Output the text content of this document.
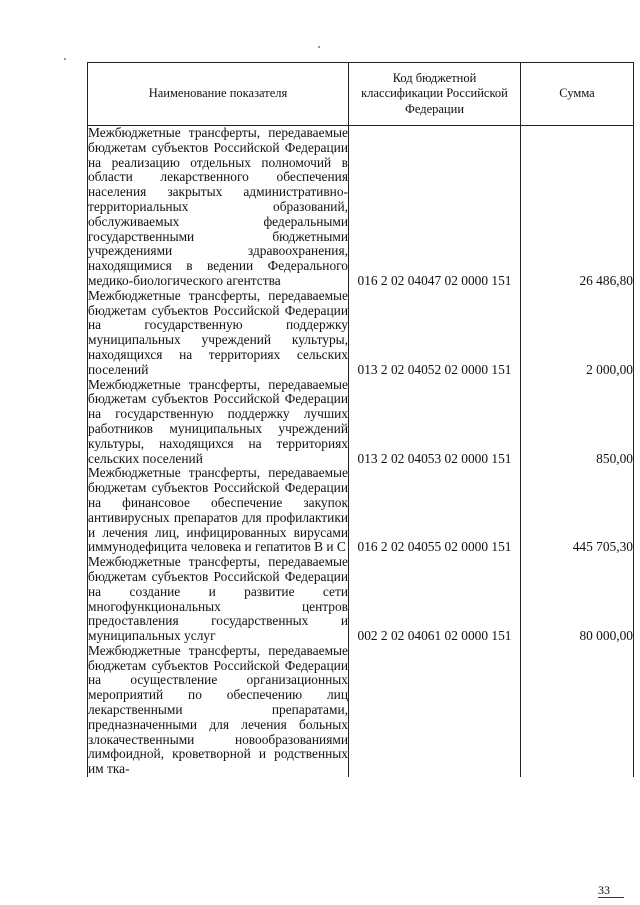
Наименование показателя	Код бюджетной классификации Российской Федерации	Сумма
Межбюджетные трансферты, передаваемые бюджетам субъектов Российской Федерации на реализацию отдельных полномочий в области лекарственного обеспечения населения закрытых административно-территориальных образований, обслуживаемых федеральными государственными бюджетными учреждениями здравоохранения, находящимися в ведении Федерального медико-биологического агентства	016 2 02 04047 02 0000 151	26 486,80
Межбюджетные трансферты, передаваемые бюджетам субъектов Российской Федерации на государственную поддержку муниципальных учреждений культуры, находящихся на территориях сельских поселений	013 2 02 04052 02 0000 151	2 000,00
Межбюджетные трансферты, передаваемые бюджетам субъектов Российской Федерации на государственную поддержку лучших работников муниципальных учреждений культуры, находящихся на территориях сельских поселений	013 2 02 04053 02 0000 151	850,00
Межбюджетные трансферты, передаваемые бюджетам субъектов Российской Федерации на финансовое обеспечение закупок антивирусных препаратов для профилактики и лечения лиц, инфицированных вирусами иммунодефицита человека и гепатитов В и С	016 2 02 04055 02 0000 151	445 705,30
Межбюджетные трансферты, передаваемые бюджетам субъектов Российской Федерации на создание и развитие сети многофункциональных центров предоставления государственных и муниципальных услуг	002 2 02 04061 02 0000 151	80 000,00
Межбюджетные трансферты, передаваемые бюджетам субъектов Российской Федерации на осуществление организационных мероприятий по обеспечению лиц лекарственными препаратами, предназначенными для лечения больных злокачественными новообразованиями лимфоидной, кроветворной и родственных им тка-		
33
